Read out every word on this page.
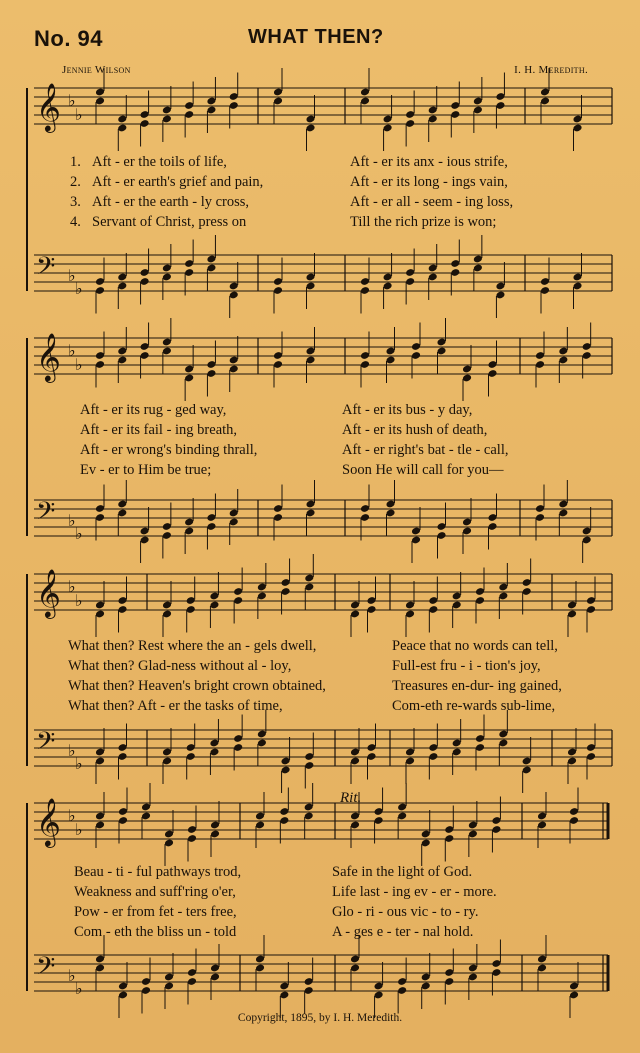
No. 94	WHAT THEN?
Jennie Wilson	I. H. Meredith.
𝄞 ♭
♭
𝄢 ♭
♭
𝄞 ♭
♭
𝄢 ♭
♭
𝄞 ♭
♭
𝄢 ♭
♭
𝄞 ♭
♭
𝄢 ♭
♭
1. Aft - er the toils of life,	Aft - er its anx - ious strife,
2. Aft - er earth's grief and pain,	Aft - er its long - ings vain,
3. Aft - er the earth - ly cross,	Aft - er all - seem - ing loss,
4. Servant of Christ, press on	Till the rich prize is won;
Aft - er its rug - ged way,	Aft - er its bus - y day,
Aft - er its fail - ing breath,	Aft - er its hush of death,
Aft - er wrong's binding thrall,	Aft - er right's bat - tle - call,
Ev - er to Him be true;	Soon He will call for you—
What then? Rest where the an - gels dwell,	Peace that no words can tell,
What then? Glad-ness without al - loy,	Full-est fru - i - tion's joy,
What then? Heaven's bright crown obtained,	Treasures en-dur- ing gained,
What then? Aft - er the tasks of time,	Com-eth re-wards sub-lime,
Rit.
Beau - ti - ful pathways trod,	Safe in the light of God.
Weakness and suff'ring o'er,	Life last - ing ev - er - more.
Pow - er from fet - ters free,	Glo - ri - ous vic - to - ry.
Com - eth the bliss un - told	A - ges e - ter - nal hold.
Copyright, 1895, by I. H. Meredith.
